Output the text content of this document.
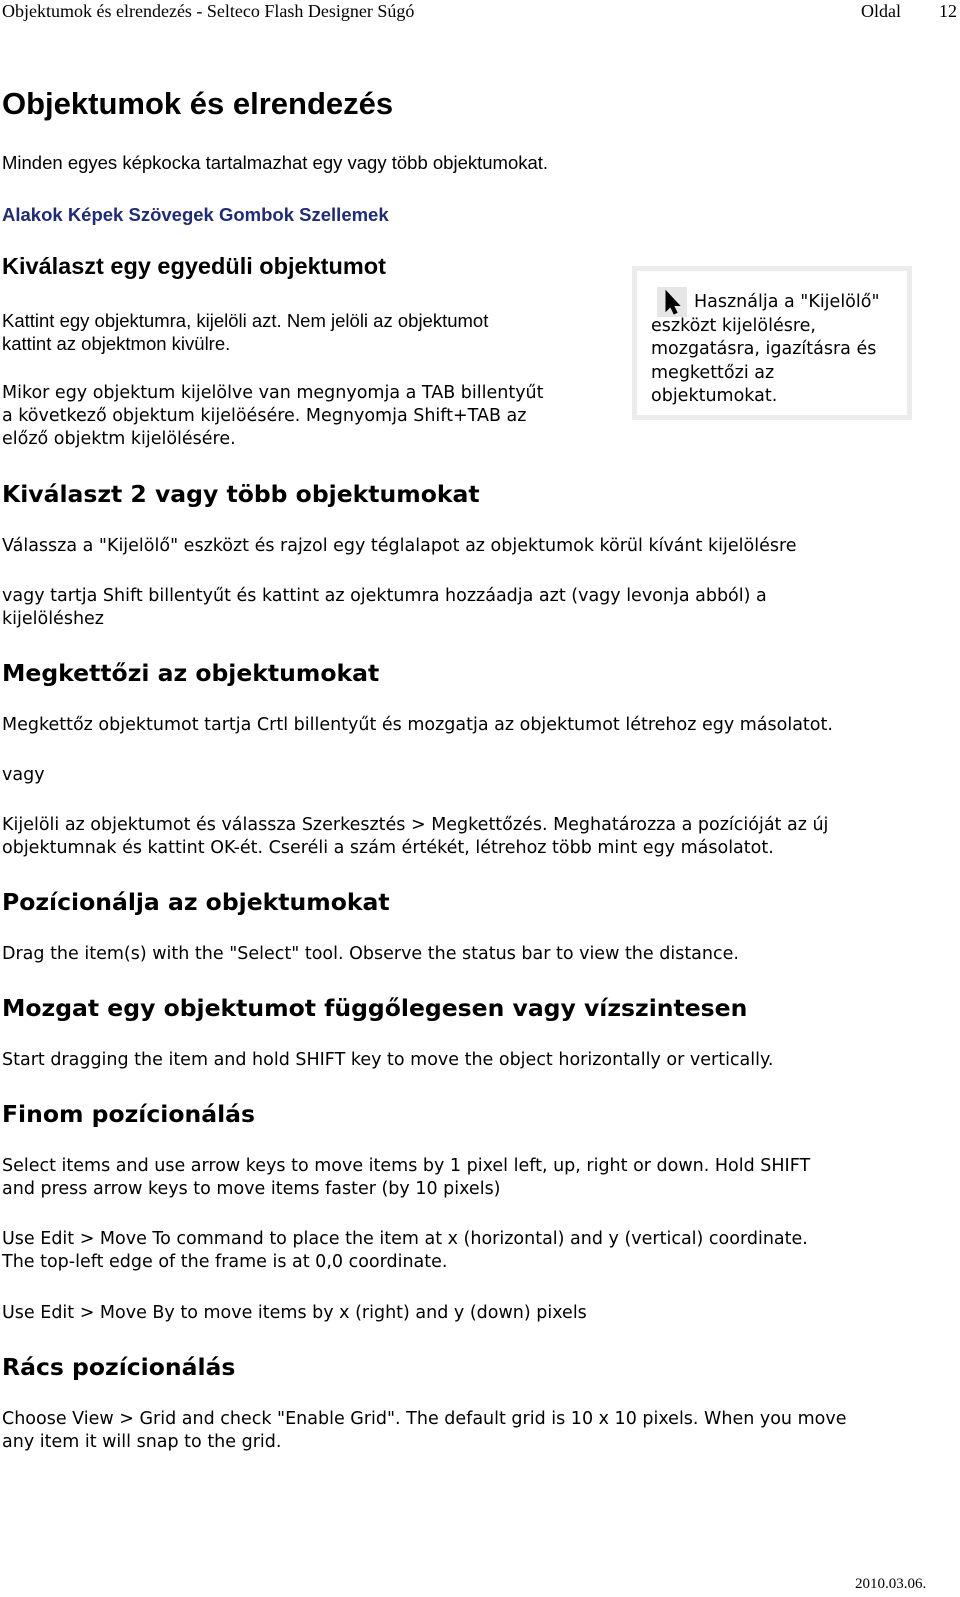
Objektumok és elrendezés - Selteco Flash Designer Súgó	Oldal 12
Objektumok és elrendezés
Minden egyes képkocka tartalmazhat egy vagy több objektumokat.
Alakok Képek Szövegek Gombok Szellemek
Kiválaszt egy egyedüli objektumot
Kattint egy objektumra, kijelöli azt. Nem jelöli az objektumot
kattint az objektmon kivülre.
Mikor egy objektum kijelölve van megnyomja a TAB billentyűt
a következő objektum kijelöésére. Megnyomja Shift+TAB az
előző objektm kijelölésére.
Használja a "Kijelölő" eszközt kijelölésre, mozgatásra, igazításra és megkettőzi az objektumokat.
Kiválaszt 2 vagy több objektumokat
Válassza a "Kijelölő" eszközt és rajzol egy téglalapot az objektumok körül kívánt kijelölésre
vagy tartja Shift billentyűt és kattint az ojektumra hozzáadja azt (vagy levonja abból) a
kijelöléshez
Megkettőzi az objektumokat
Megkettőz objektumot tartja Crtl billentyűt és mozgatja az objektumot létrehoz egy másolatot.
vagy
Kijelöli az objektumot és válassza Szerkesztés > Megkettőzés. Meghatározza a pozícióját az új
objektumnak és kattint OK-ét. Cseréli a szám értékét, létrehoz több mint egy másolatot.
Pozícionálja az objektumokat
Drag the item(s) with the "Select" tool. Observe the status bar to view the distance.
Mozgat egy objektumot függőlegesen vagy vízszintesen
Start dragging the item and hold SHIFT key to move the object horizontally or vertically.
Finom pozícionálás
Select items and use arrow keys to move items by 1 pixel left, up, right or down. Hold SHIFT
and press arrow keys to move items faster (by 10 pixels)
Use Edit > Move To command to place the item at x (horizontal) and y (vertical) coordinate.
The top-left edge of the frame is at 0,0 coordinate.
Use Edit > Move By to move items by x (right) and y (down) pixels
Rács pozícionálás
Choose View > Grid and check "Enable Grid". The default grid is 10 x 10 pixels. When you move
any item it will snap to the grid.
2010.03.06.
